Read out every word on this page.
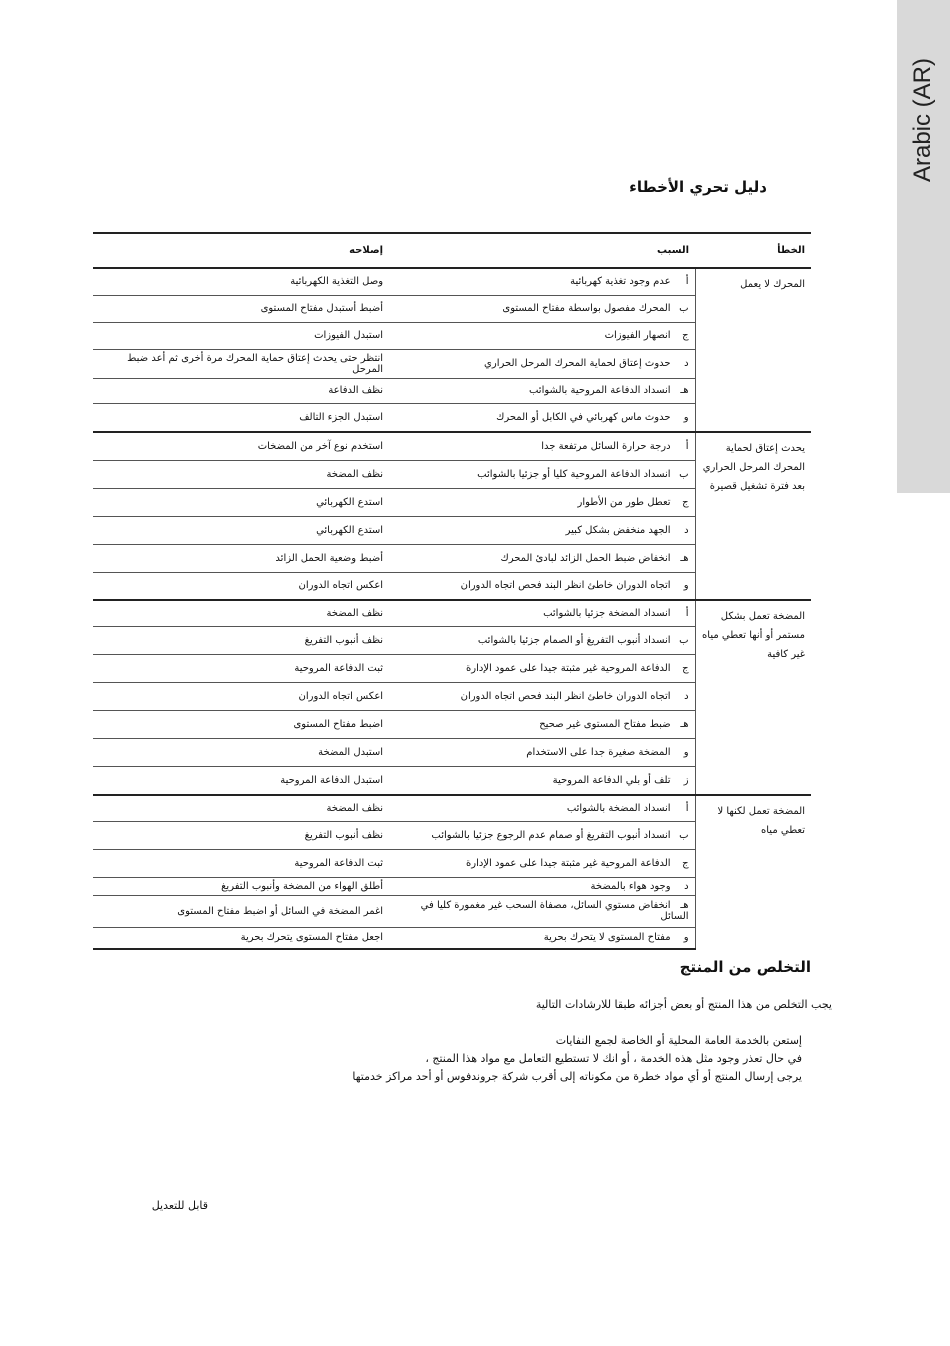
Arabic (AR)
دليل تحري الأخطاء
الخطأ	السبب	إصلاحه
المحرك لا يعمل	أعدم وجود تغذية كهربائية	وصل التغذية الكهربائية
	بالمحرك مفصول بواسطة مفتاح المستوى	أضبط أستبدل مفتاح المستوى
	جانصهار الفيوزات	استبدل الفيوزات
	دحدوث إعتاق لحماية المحرك المرحل الحراري	انتظر حتى يحدث إعتاق حماية المحرك مرة أخرى ثم أعد ضبط المرحل
	هـانسداد الدفاعة المروحية بالشوائب	نظف الدفاعة
	وحدوث ماس كهربائي في الكابل أو المحرك	استبدل الجزء التالف
يحدث إعتاق لحماية المحرك المرحل الحراري بعد فترة تشغيل قصيرة	أدرجة حرارة السائل مرتفعة جدا	استخدم نوع آخر من المضخات
	بانسداد الدفاعة المروحية كليا أو جزئيا بالشوائب	نظف المضخة
	جتعطل طور من الأطوار	استدع الكهربائي
	دالجهد منخفض بشكل كبير	استدع الكهربائي
	هـانخفاض ضبط الحمل الزائد لبادئ المحرك	أضبط وضعية الحمل الزائد
	واتجاه الدوران خاطئ انظر البند فحص اتجاه الدوران	اعكس اتجاه الدوران
المضخة تعمل بشكل مستمر أو أنها تعطي مياه غير كافية	أانسداد المضخة جزئيا بالشوائب	نظف المضخة
	بانسداد أنبوب التفريغ أو الصمام جزئيا بالشوائب	نظف أنبوب التفريغ
	جالدفاعة المروحية غير مثبتة جيدا على عمود الإدارة	ثبت الدفاعة المروحية
	داتجاه الدوران خاطئ انظر البند فحص اتجاه الدوران	اعكس اتجاه الدوران
	هـضبط مفتاح المستوى غير صحيح	اضبط مفتاح المستوى
	والمضخة صغيرة جدا على الاستخدام	استبدل المضخة
	زتلف أو بلي الدفاعة المروحية	استبدل الدفاعة المروحية
المضخة تعمل لكنها لا تعطي مياه	أانسداد المضخة بالشوائب	نظف المضخة
	بانسداد أنبوب التفريغ أو صمام عدم الرجوع جزئيا بالشوائب	نظف أنبوب التفريغ
	جالدفاعة المروحية غير مثبتة جيدا على عمود الإدارة	ثبت الدفاعة المروحية
	دوجود هواء بالمضخة	أطلق الهواء من المضخة وأنبوب التفريغ
	هـانخفاض مستوي السائل، مصفاة السحب غير مغمورة كليا في السائل	اغمر المضخة في السائل أو اضبط مفتاح المستوى
	ومفتاح المستوى لا يتحرك بحرية	اجعل مفتاح المستوى يتحرك بحرية
التخلص من المنتج
يجب التخلص من هذا المنتج أو بعض أجزائه طبقا للارشادات التالية
إستعن بالخدمة العامة المحلية أو الخاصة لجمع النفايات
في حال تعذر وجود مثل هذه الخدمة ، أو انك لا تستطيع التعامل مع مواد هذا المنتج ،
يرجى إرسال المنتج أو أي مواد خطرة من مكوناته إلى أقرب شركة جروندفوس أو أحد مراكز خدمتها
قابل للتعديل
